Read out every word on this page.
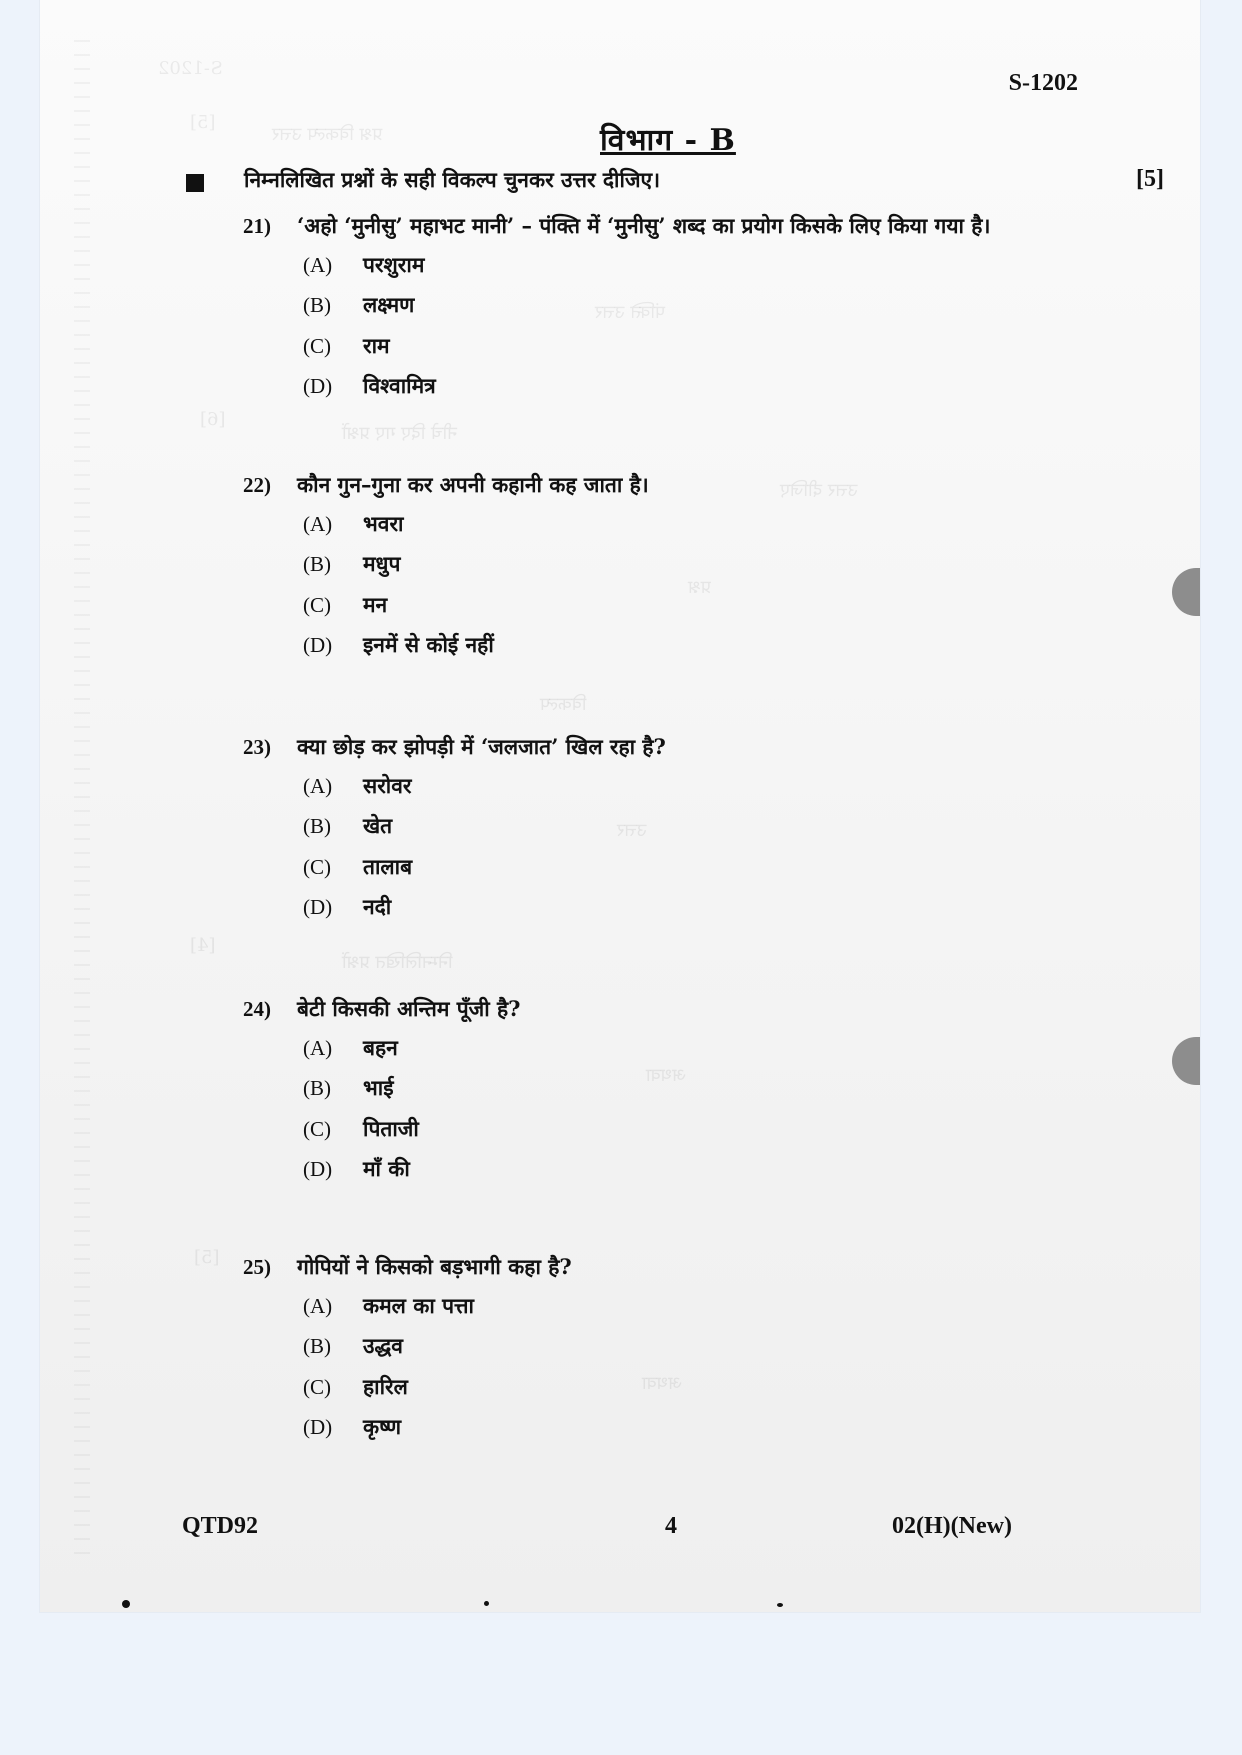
S-1202
[5]
प्रश्न विकल्प उत्तर
पंक्ति उत्तर
[6]
नीचे दिए गए प्रश्नों
उत्तर दीजिए
प्रश्न
विकल्प
उत्तर
[4]
निम्नलिखित प्रश्नों
अथवा
[5]
अथवा
S-1202
विभाग - B
निम्नलिखित प्रश्नों के सही विकल्प चुनकर उत्तर दीजिए।	[5]
21)	‘अहो ‘मुनीसु’ महाभट मानी’ – पंक्ति में ‘मुनीसु’ शब्द का प्रयोग किसके लिए किया गया है।
(A)	परशुराम
(B)	लक्ष्मण
(C)	राम
(D)	विश्वामित्र
22)	कौन गुन–गुना कर अपनी कहानी कह जाता है।
(A)	भवरा
(B)	मधुप
(C)	मन
(D)	इनमें से कोई नहीं
23)	क्या छोड़ कर झोपड़ी में ‘जलजात’ खिल रहा है?
(A)	सरोवर
(B)	खेत
(C)	तालाब
(D)	नदी
24)	बेटी किसकी अन्तिम पूँजी है?
(A)	बहन
(B)	भाई
(C)	पिताजी
(D)	माँ की
25)	गोपियों ने किसको बड़भागी कहा है?
(A)	कमल का पत्ता
(B)	उद्धव
(C)	हारिल
(D)	कृष्ण
QTD92	4	02(H)(New)
